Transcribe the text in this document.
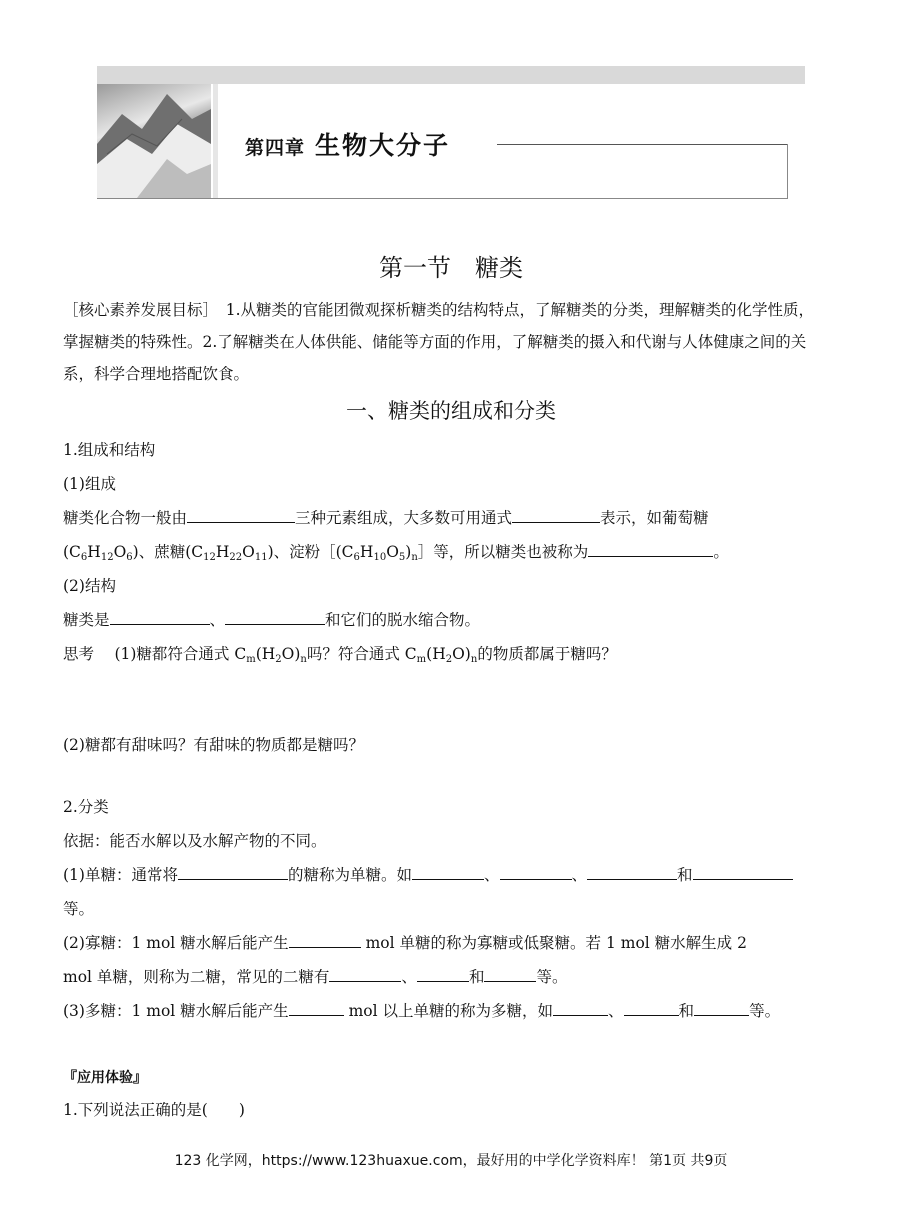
第四章 生物大分子
第一节　糖类
［核心素养发展目标］　1.从糖类的官能团微观探析糖类的结构特点，了解糖类的分类，理解糖类的化学性质，
掌握糖类的特殊性。2.了解糖类在人体供能、储能等方面的作用，了解糖类的摄入和代谢与人体健康之间的关
系，科学合理地搭配饮食。
一、糖类的组成和分类
1.组成和结构
(1)组成
糖类化合物一般由	三种元素组成，大多数可用通式	表示，如葡萄糖
$(C_6H_{12}O_6)$、蔗糖$(C_{12}H_{22}O_{11})$、淀粉$[(C_6H_{10}O_5)_n]$等，所以糖类也被称为	。
(2)结构
糖类是	、	和它们的脱水缩合物。
思考　 (1)糖都符合通式 $C_m(H_2O)_n$吗？符合通式 $C_m(H_2O)_n$的物质都属于糖吗？
(2)糖都有甜味吗？有甜味的物质都是糖吗？
2.分类
依据：能否水解以及水解产物的不同。
(1)单糖：通常将	的糖称为单糖。如	、	、	和
等。
(2)寡糖：1 mol 糖水解后能产生	mol 单糖的称为寡糖或低聚糖。若 1 mol 糖水解生成 2
mol 单糖，则称为二糖，常见的二糖有	、	和	等。
(3)多糖：1 mol 糖水解后能产生	mol 以上单糖的称为多糖，如	、	和	等。
『应用体验』
1.下列说法正确的是(　　)
123 化学网，https://www.123huaxue.com，最好用的中学化学资料库！ 第1页 共9页
